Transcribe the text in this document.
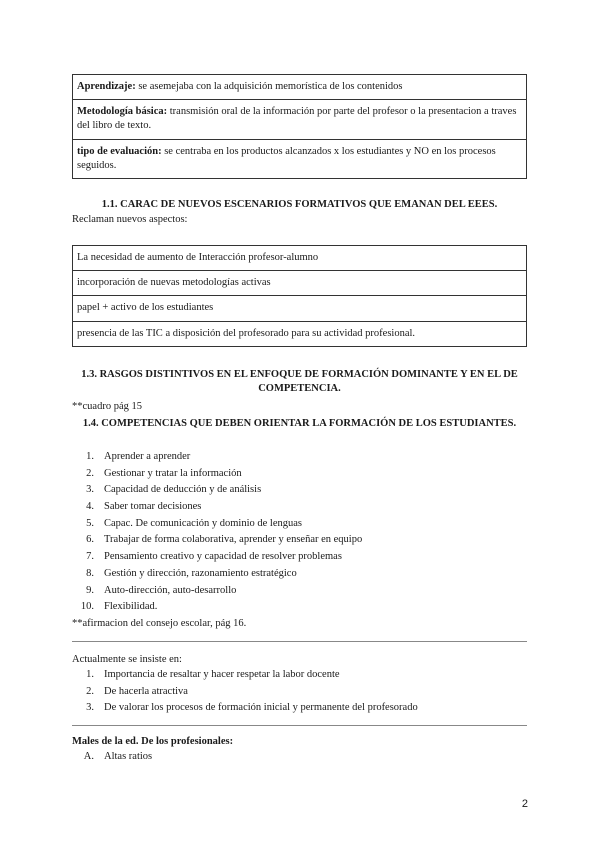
Aprendizaje: se asemejaba con la adquisición memorística de los contenidos
Metodología básica: transmisión oral de la información por parte del profesor o la presentacion a traves del libro de texto.
tipo de evaluación: se centraba en los productos alcanzados x los estudiantes y NO en los procesos seguidos.
1.1. CARAC DE NUEVOS ESCENARIOS FORMATIVOS QUE EMANAN DEL EEES.
Reclaman nuevos aspectos:
La necesidad de aumento de Interacción profesor-alumno
incorporación de nuevas metodologías activas
papel + activo de los estudiantes
presencia de las TIC a disposición del profesorado para su actividad profesional.
1.3. RASGOS DISTINTIVOS EN EL ENFOQUE DE FORMACIÓN DOMINANTE Y EN EL DE
COMPETENCIA.
**cuadro pág 15
1.4. COMPETENCIAS QUE DEBEN ORIENTAR LA FORMACIÓN DE LOS ESTUDIANTES.
1. Aprender a aprender
2. Gestionar y tratar la información
3. Capacidad de deducción y de análisis
4. Saber tomar decisiones
5. Capac. De comunicación y dominio de lenguas
6. Trabajar de forma colaborativa, aprender y enseñar en equipo
7. Pensamiento creativo y capacidad de resolver problemas
8. Gestión y dirección, razonamiento estratégico
9. Auto-dirección, auto-desarrollo
10. Flexibilidad.
**afirmacion del consejo escolar, pág 16.
Actualmente se insiste en:
1. Importancia de resaltar y hacer respetar la labor docente
2. De hacerla atractiva
3. De valorar los procesos de formación inicial y permanente del profesorado
Males de la ed. De los profesionales:
A. Altas ratios
2
